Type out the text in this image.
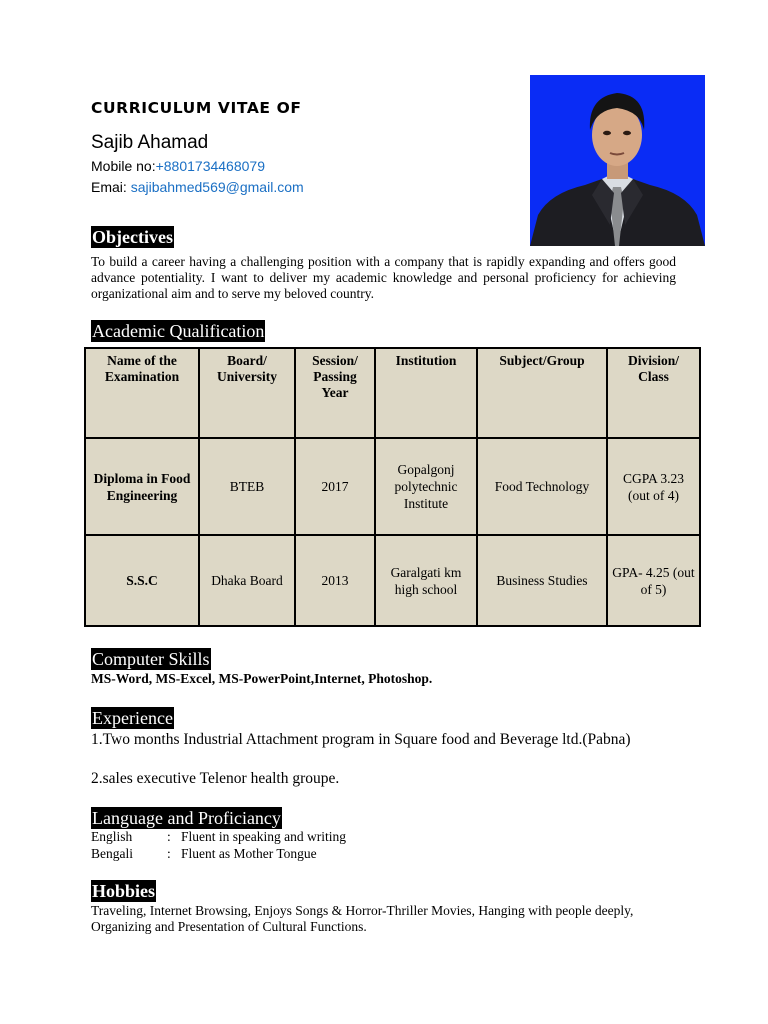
CURRICULUM VITAE OF
Sajib Ahamad
Mobile no:+8801734468079
Emai: sajibahmed569@gmail.com
Objectives
To build a career having a challenging position with a company that is rapidly expanding and offers good advance potentiality. I want to deliver my academic knowledge and personal proficiency for achieving organizational aim and to serve my beloved country.
Academic Qualification
Name of the Examination	Board/ University	Session/ Passing Year	Institution	Subject/Group	Division/ Class
Diploma in Food Engineering	BTEB	2017	Gopalgonj polytechnic Institute	Food Technology	CGPA 3.23 (out of 4)
S.S.C	Dhaka Board	2013	Garalgati km high school	Business Studies	GPA- 4.25 (out of 5)
Computer Skills
MS-Word, MS-Excel, MS-PowerPoint,Internet, Photoshop.
Experience
1.Two months Industrial Attachment program in Square food and Beverage ltd.(Pabna)
2.sales executive Telenor health groupe.
Language and Proficiancy
English	: Fluent in speaking and writing
Bengali	: Fluent as Mother Tongue
Hobbies
Traveling, Internet Browsing, Enjoys Songs & Horror-Thriller Movies, Hanging with people deeply, Organizing and Presentation of Cultural Functions.
